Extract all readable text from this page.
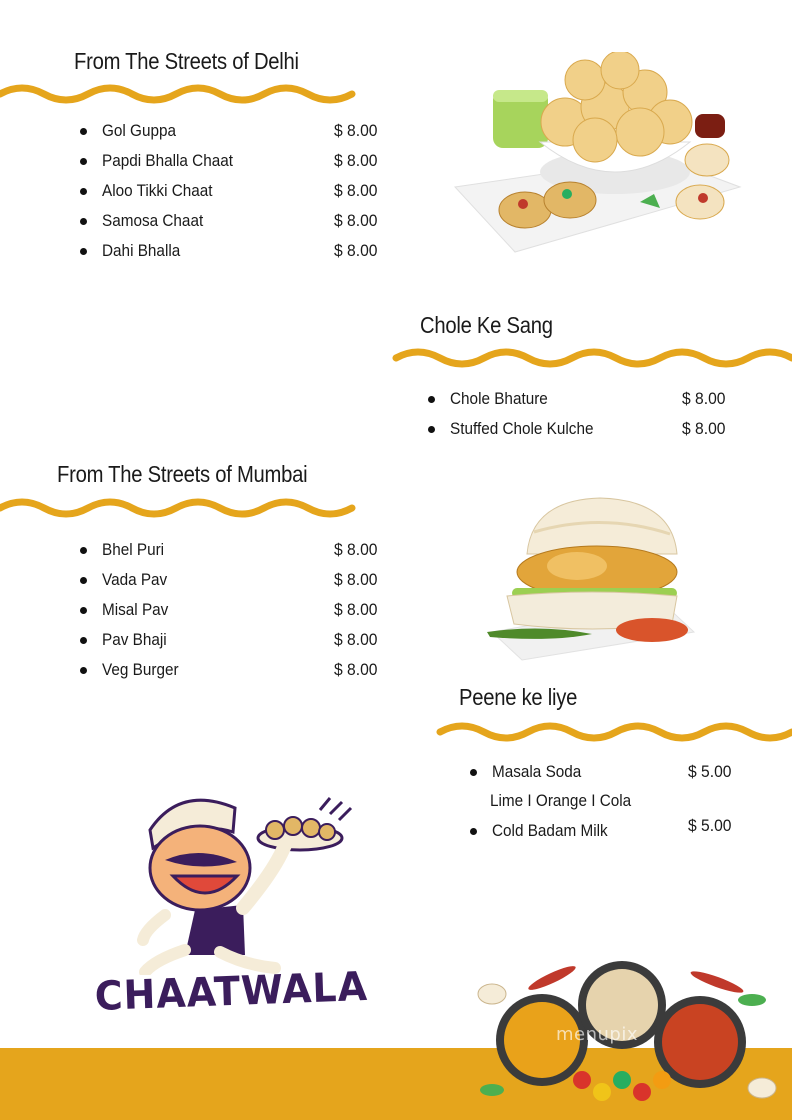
From The Streets of Delhi
Gol Guppa	$ 8.00
Papdi Bhalla Chaat	$ 8.00
Aloo Tikki Chaat	$ 8.00
Samosa Chaat	$ 8.00
Dahi Bhalla	$ 8.00
Chole Ke Sang
Chole Bhature	$ 8.00
Stuffed Chole Kulche	$ 8.00
From The Streets of Mumbai
Bhel Puri	$ 8.00
Vada Pav	$ 8.00
Misal Pav	$ 8.00
Pav Bhaji	$ 8.00
Veg Burger	$ 8.00
Peene ke liye
Masala Soda	$ 5.00
Lime I Orange I Cola
Cold Badam Milk	$ 5.00
CHAATWALA
menupix
